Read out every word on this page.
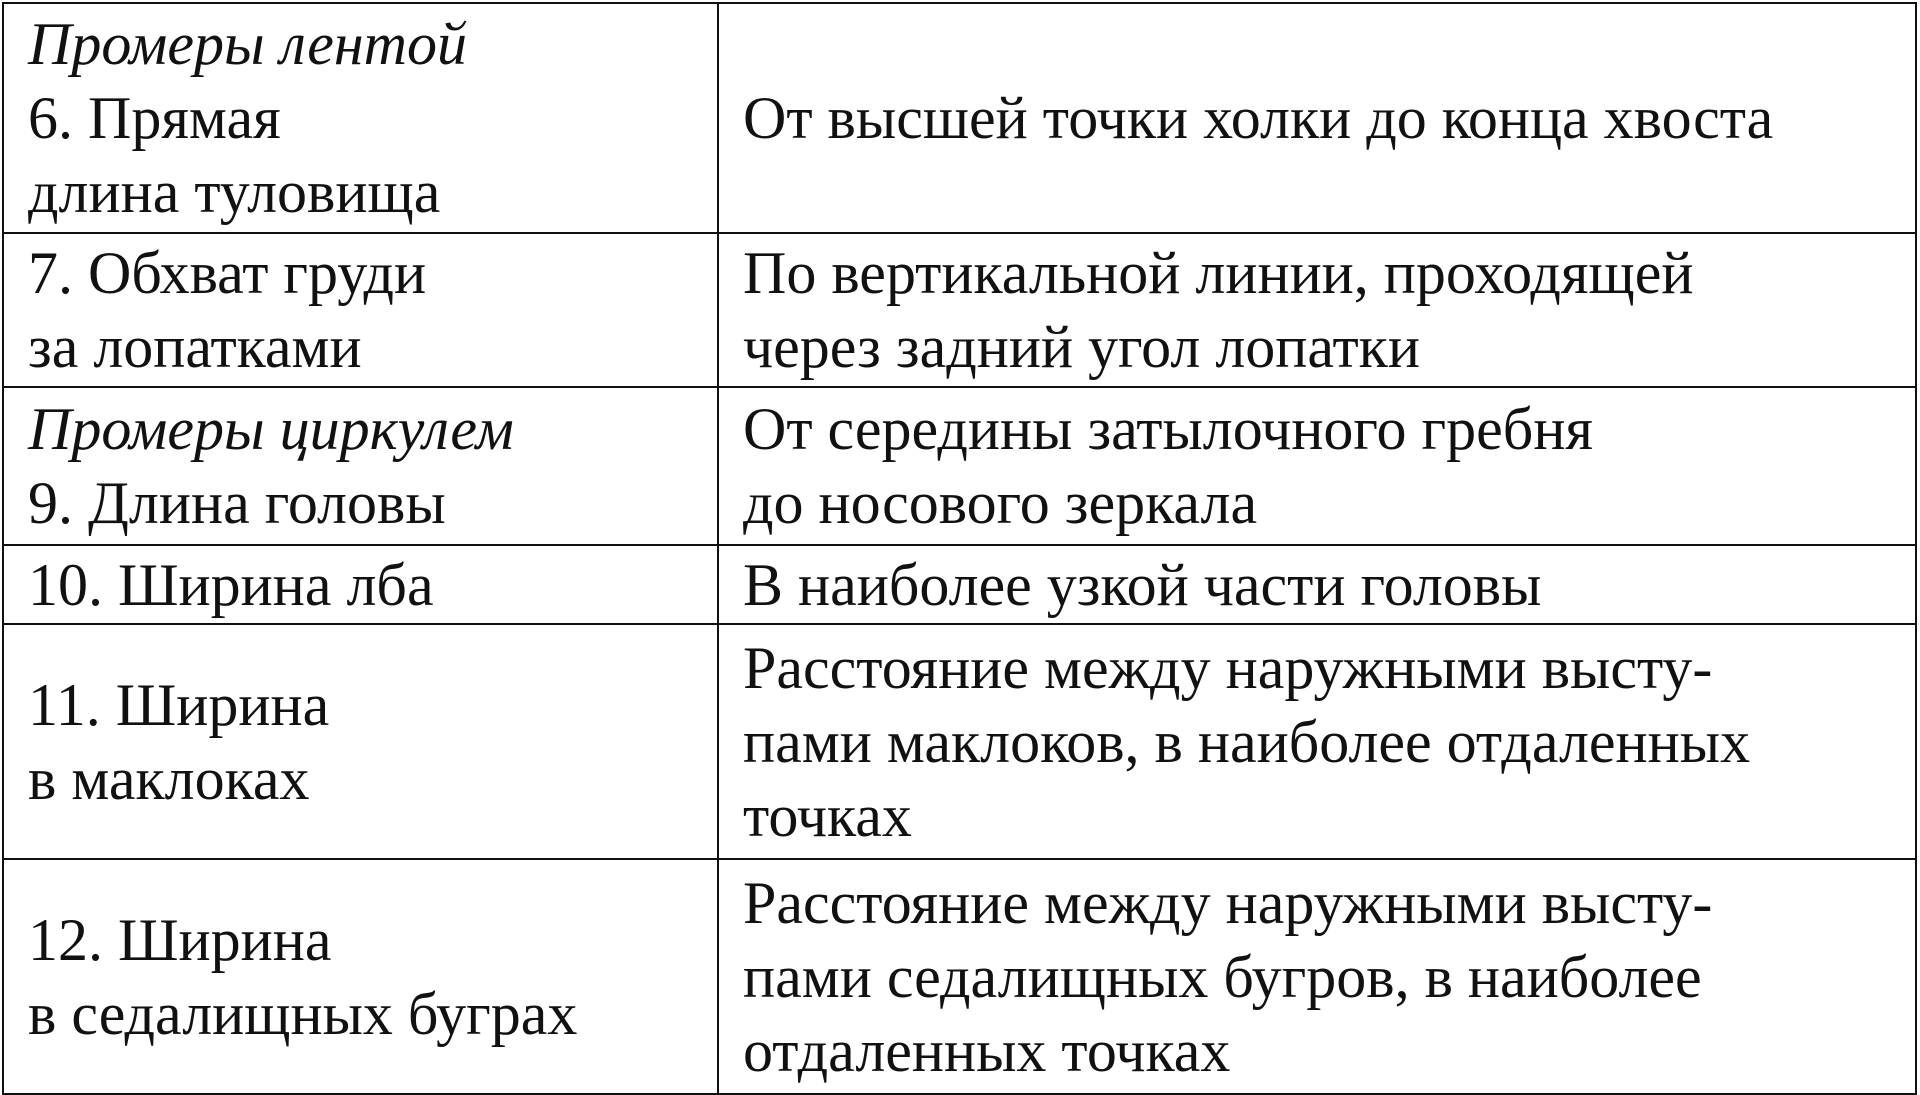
Промеры лентой
6. Прямая
длина туловища	От высшей точки холки до конца хвоста

7. Обхват груди
за лопатками	По вертикальной линии, проходящей
через задний угол лопатки

Промеры циркулем
9. Длина головы	От середины затылочного гребня
до носового зеркала

10. Ширина лба	В наиболее узкой части головы

11. Ширина
в маклоках	Расстояние между наружными высту-
пами маклоков, в наиболее отдаленных
точках

12. Ширина
в седалищных буграх	Расстояние между наружными высту-
пами седалищных бугров, в наиболее
отдаленных точках
